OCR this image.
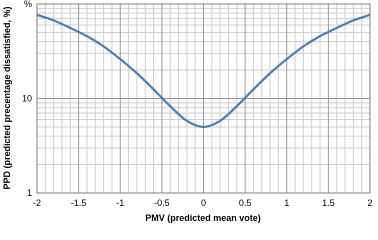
-2	-1.5	-1	-0.5	0	0.5	1	1.5	2
1
10
%
PMV (predicted mean vote)
PPD (predicted precentage dissatisfied, %)
